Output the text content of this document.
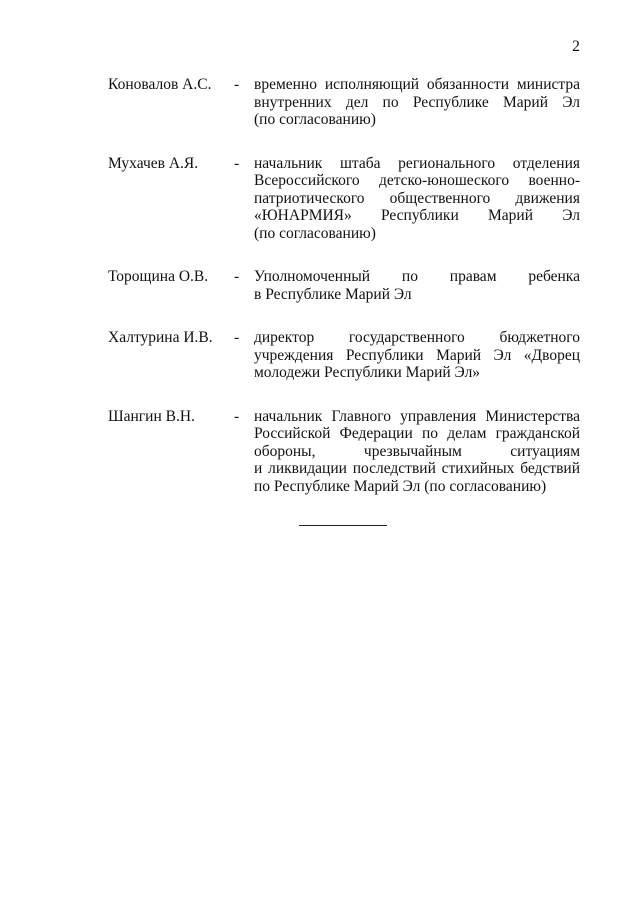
2
Коновалов А.С.	- временно исполняющий обязанности министра
внутренних дел по Республике Марий Эл
(по согласованию)
Мухачев А.Я.	- начальник штаба регионального отделения
Всероссийского детско-юношеского военно-
патриотического общественного движения
«ЮНАРМИЯ» Республики Марий Эл
(по согласованию)
Торощина О.В.	- Уполномоченный по правам ребенка
в Республике Марий Эл
Халтурина И.В.	- директор государственного бюджетного
учреждения Республики Марий Эл «Дворец
молодежи Республики Марий Эл»
Шангин В.Н.	- начальник Главного управления Министерства
Российской Федерации по делам гражданской
обороны, чрезвычайным ситуациям
и ликвидации последствий стихийных бедствий
по Республике Марий Эл (по согласованию)
